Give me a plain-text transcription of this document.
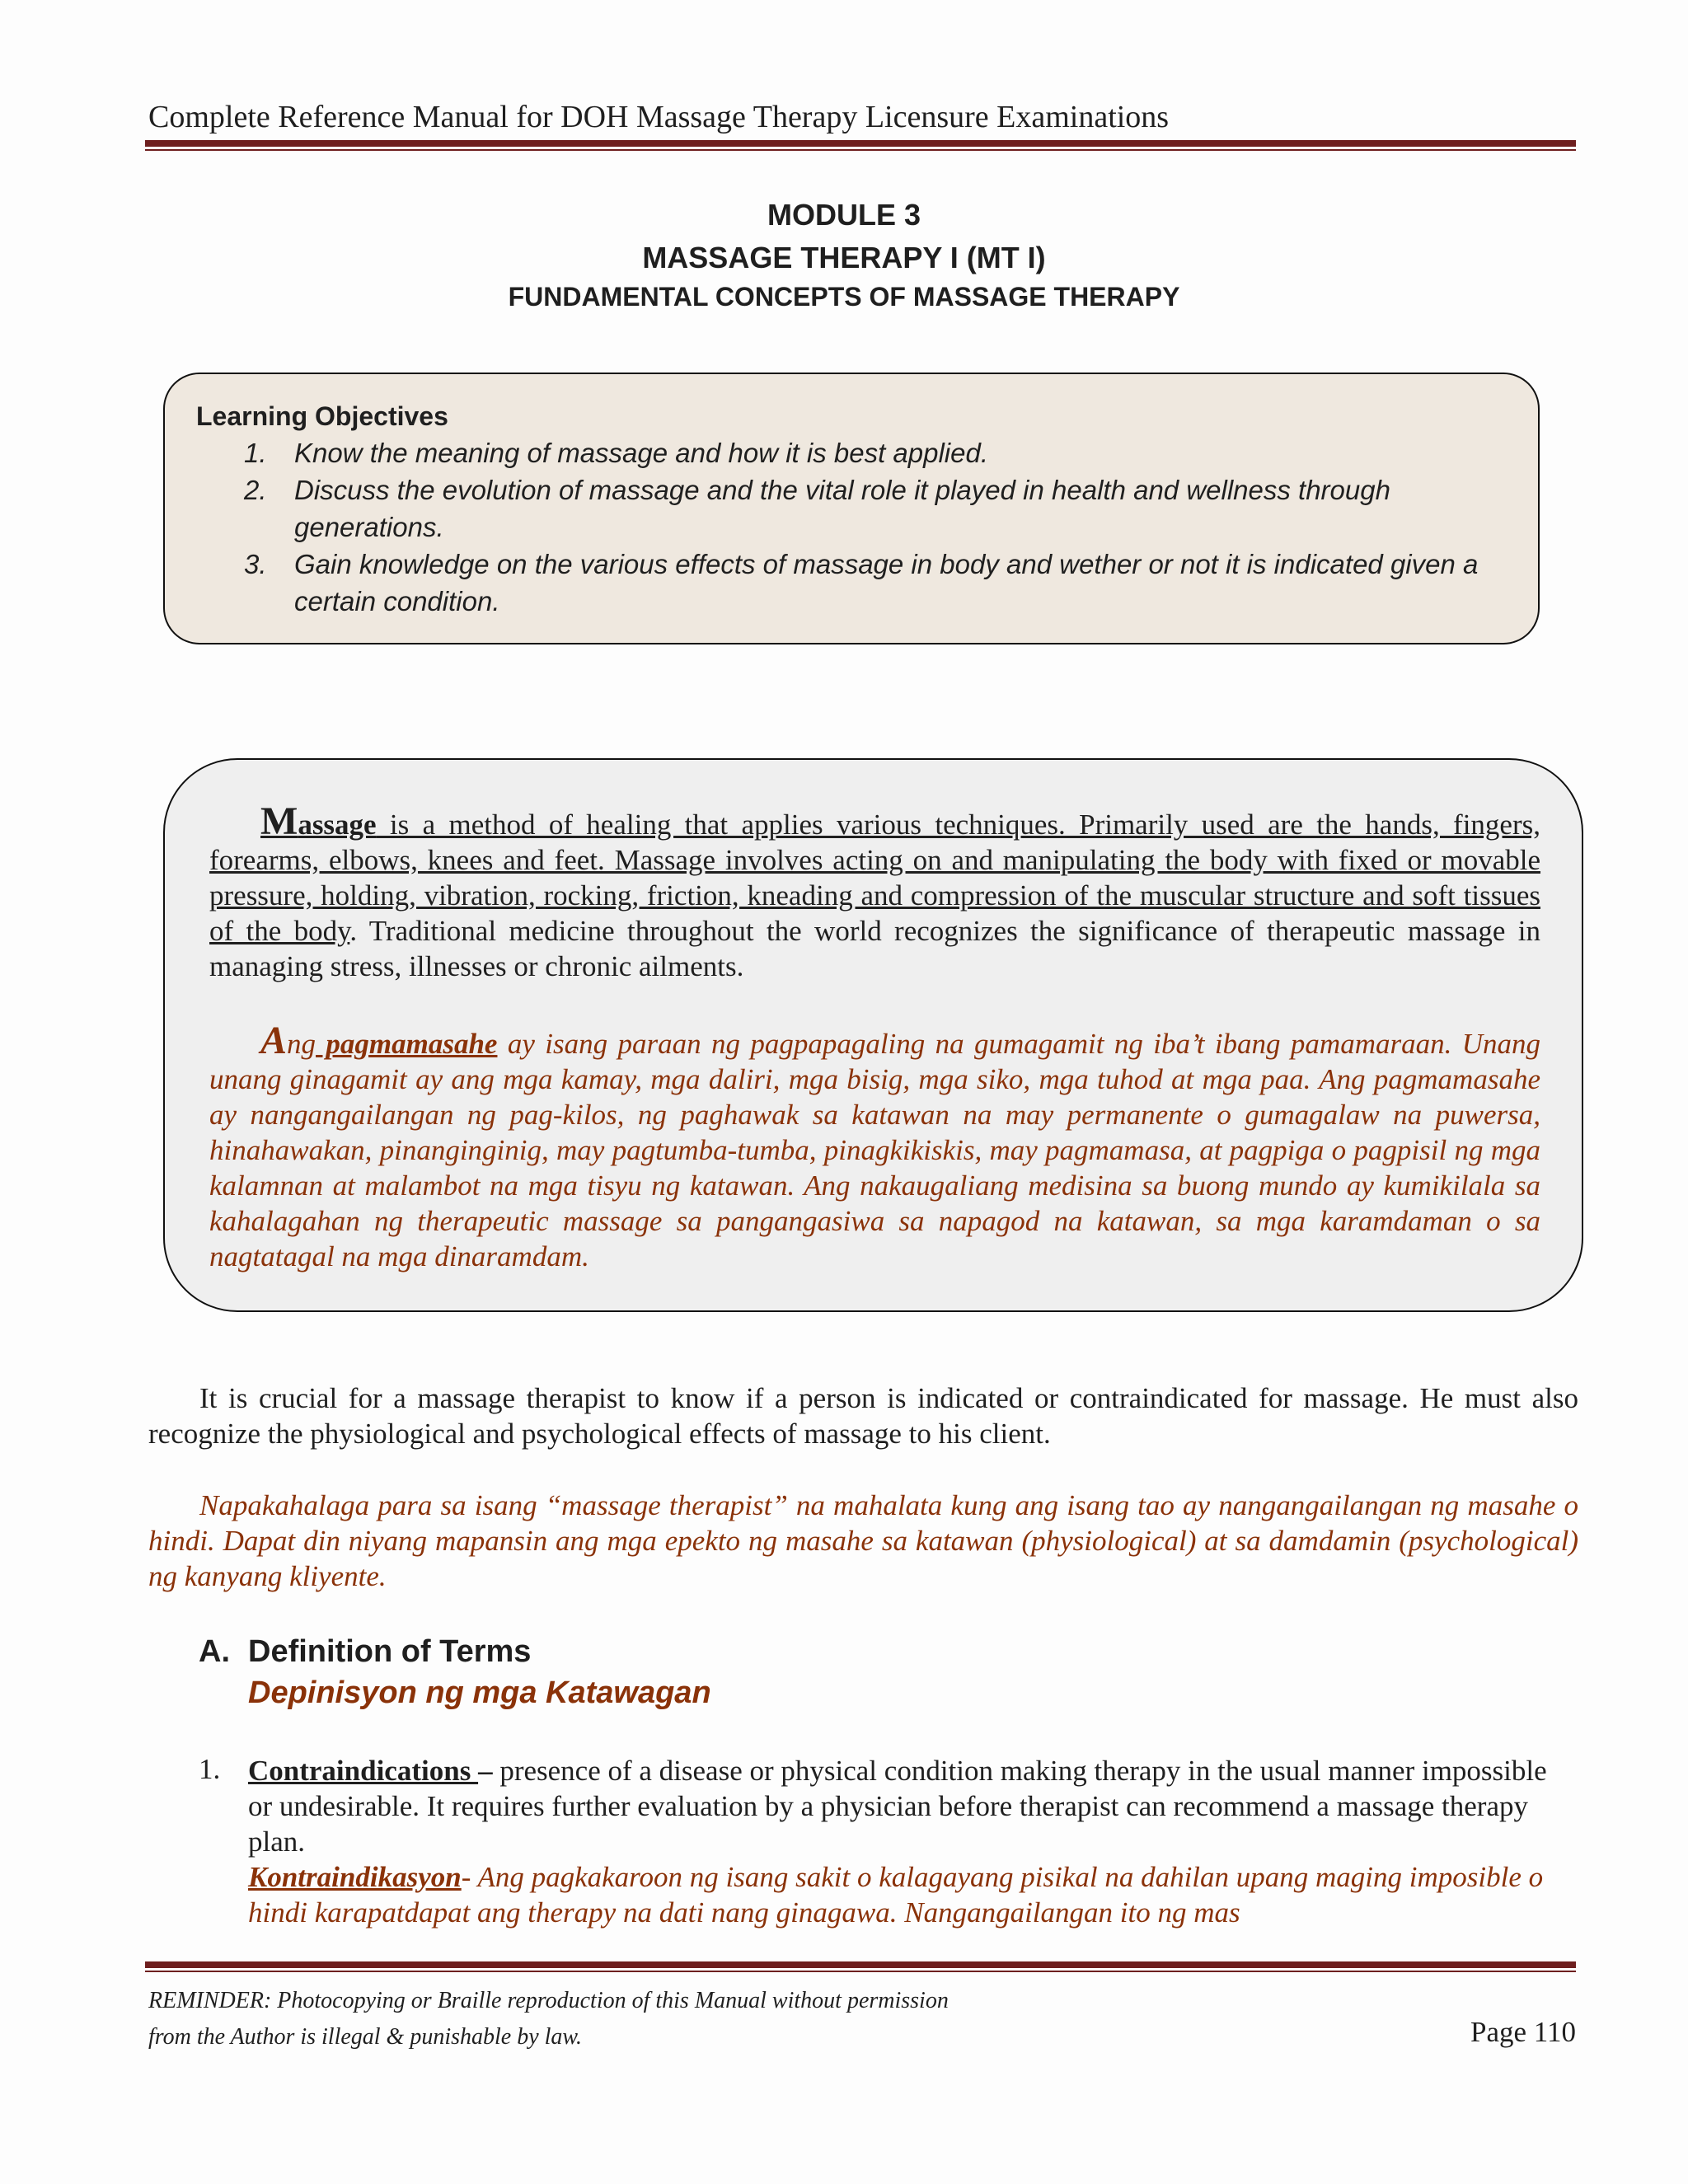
Complete Reference Manual for DOH Massage Therapy Licensure Examinations
MODULE 3
MASSAGE THERAPY I (MT I)
FUNDAMENTAL CONCEPTS OF MASSAGE THERAPY
Learning Objectives
1. Know the meaning of massage and how it is best applied.
2. Discuss the evolution of massage and the vital role it played in health and wellness through generations.
3. Gain knowledge on the various effects of massage in body and wether or not it is indicated given a certain condition.
Massage is a method of healing that applies various techniques. Primarily used are the hands, fingers, forearms, elbows, knees and feet. Massage involves acting on and manipulating the body with fixed or movable pressure, holding, vibration, rocking, friction, kneading and compression of the muscular structure and soft tissues of the body. Traditional medicine throughout the world recognizes the significance of therapeutic massage in managing stress, illnesses or chronic ailments.
Ang pagmamasahe ay isang paraan ng pagpapagaling na gumagamit ng iba’t ibang pamamaraan. Unang unang ginagamit ay ang mga kamay, mga daliri, mga bisig, mga siko, mga tuhod at mga paa. Ang pagmamasahe ay nangangailangan ng pag-kilos, ng paghawak sa katawan na may permanente o gumagalaw na puwersa, hinahawakan, pinanginginig, may pagtumba-tumba, pinagkikiskis, may pagmamasa, at pagpiga o pagpisil ng mga kalamnan at malambot na mga tisyu ng katawan. Ang nakaugaliang medisina sa buong mundo ay kumikilala sa kahalagahan ng therapeutic massage sa pangangasiwa sa napagod na katawan, sa mga karamdaman o sa nagtatagal na mga dinaramdam.
It is crucial for a massage therapist to know if a person is indicated or contraindicated for massage. He must also recognize the physiological and psychological effects of massage to his client.
Napakahalaga para sa isang “massage therapist” na mahalata kung ang isang tao ay nangangailangan ng masahe o hindi. Dapat din niyang mapansin ang mga epekto ng masahe sa katawan (physiological) at sa damdamin (psychological) ng kanyang kliyente.
A. Definition of Terms
Depinisyon ng mga Katawagan
1. Contraindications – presence of a disease or physical condition making therapy in the usual manner impossible or undesirable. It requires further evaluation by a physician before therapist can recommend a massage therapy plan.
Kontraindikasyon- Ang pagkakaroon ng isang sakit o kalagayang pisikal na dahilan upang maging imposible o hindi karapatdapat ang therapy na dati nang ginagawa. Nangangailangan ito ng mas
REMINDER: Photocopying or Braille reproduction of this Manual without permission
from the Author is illegal & punishable by law.	Page 110
